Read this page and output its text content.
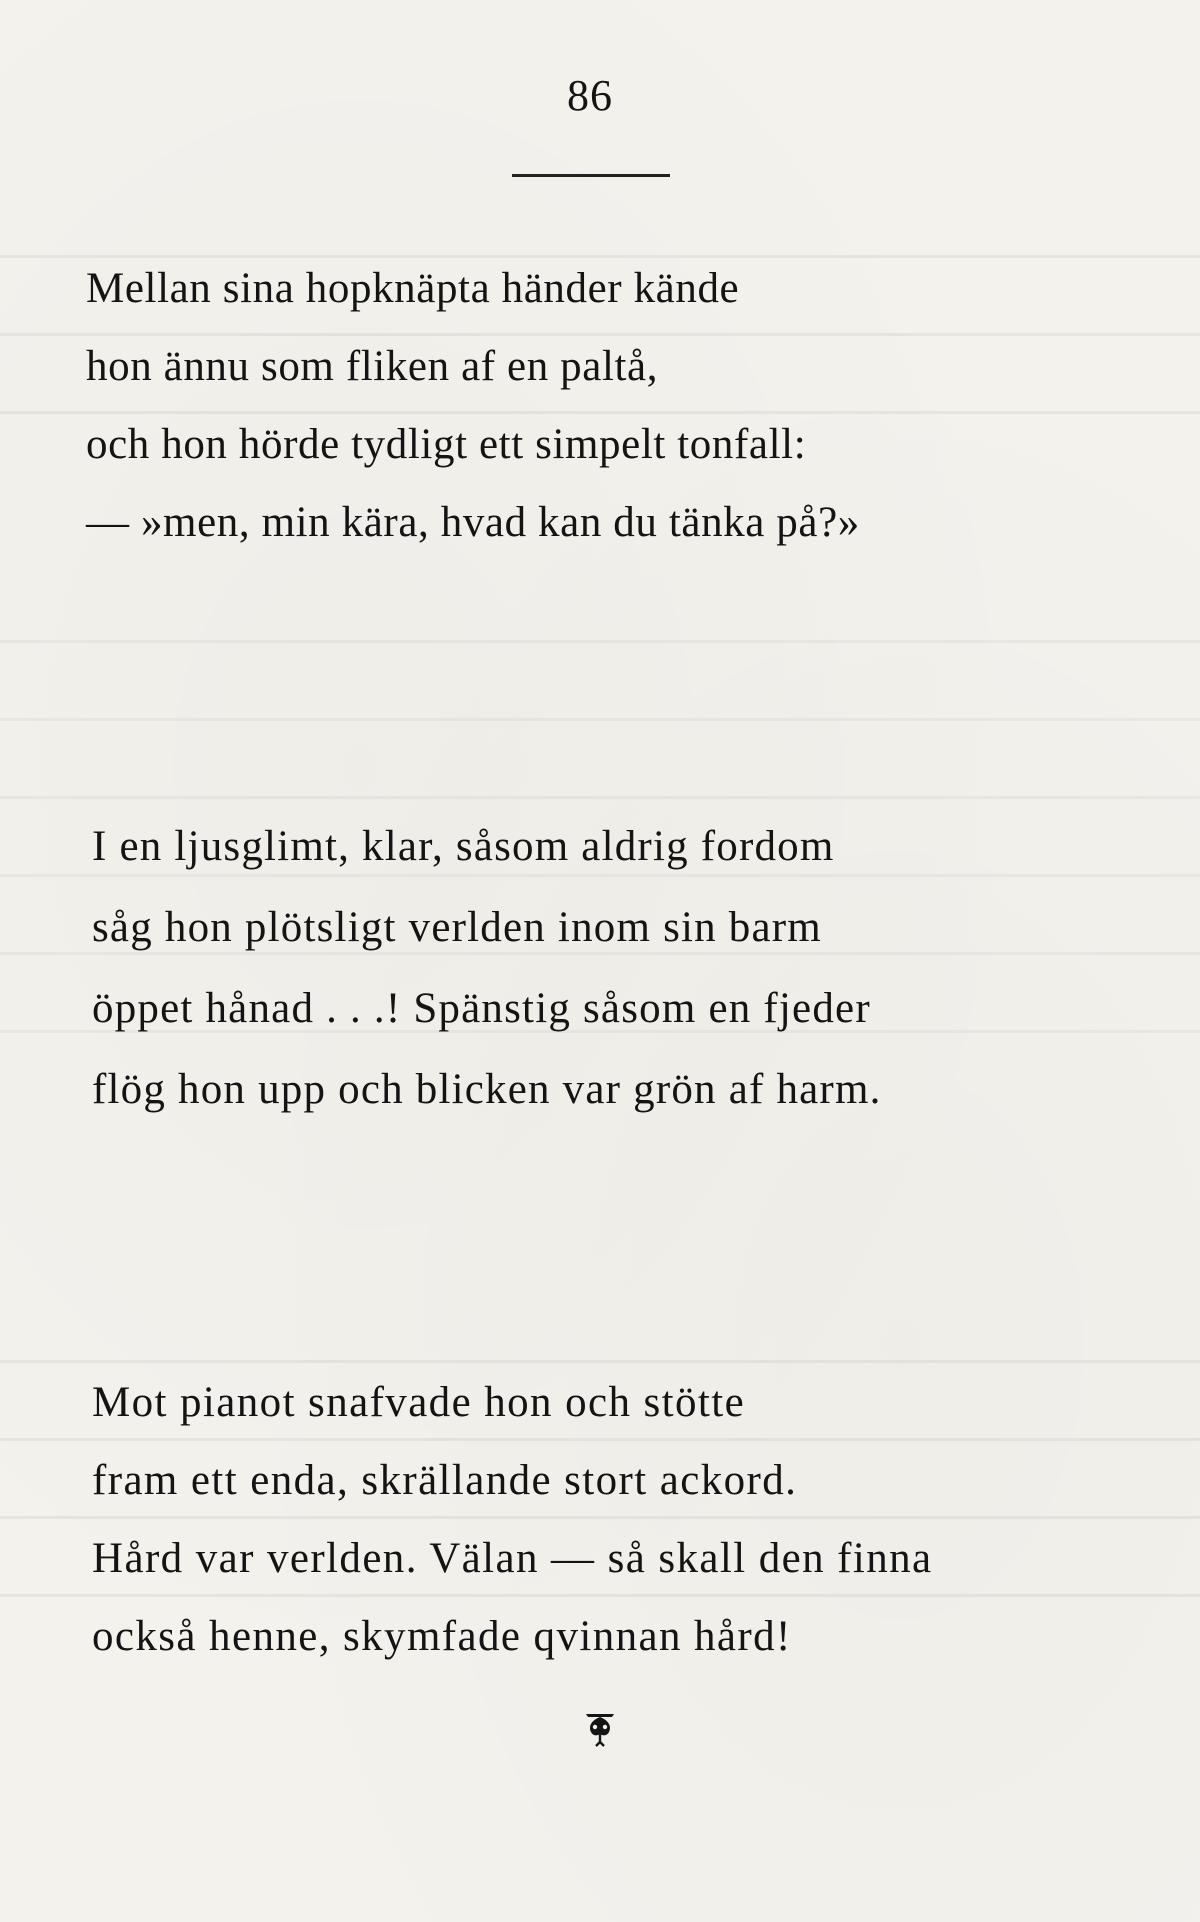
86
Mellan sina hopknäpta händer kände
hon ännu som fliken af en paltå,
och hon hörde tydligt ett simpelt tonfall:
— »men, min kära, hvad kan du tänka på?»
I en ljusglimt, klar, såsom aldrig fordom
såg hon plötsligt verlden inom sin barm
öppet hånad . . .! Spänstig såsom en fjeder
flög hon upp och blicken var grön af harm.
Mot pianot snafvade hon och stötte
fram ett enda, skrällande stort ackord.
Hård var verlden. Välan — så skall den finna
också henne, skymfade qvinnan hård!
